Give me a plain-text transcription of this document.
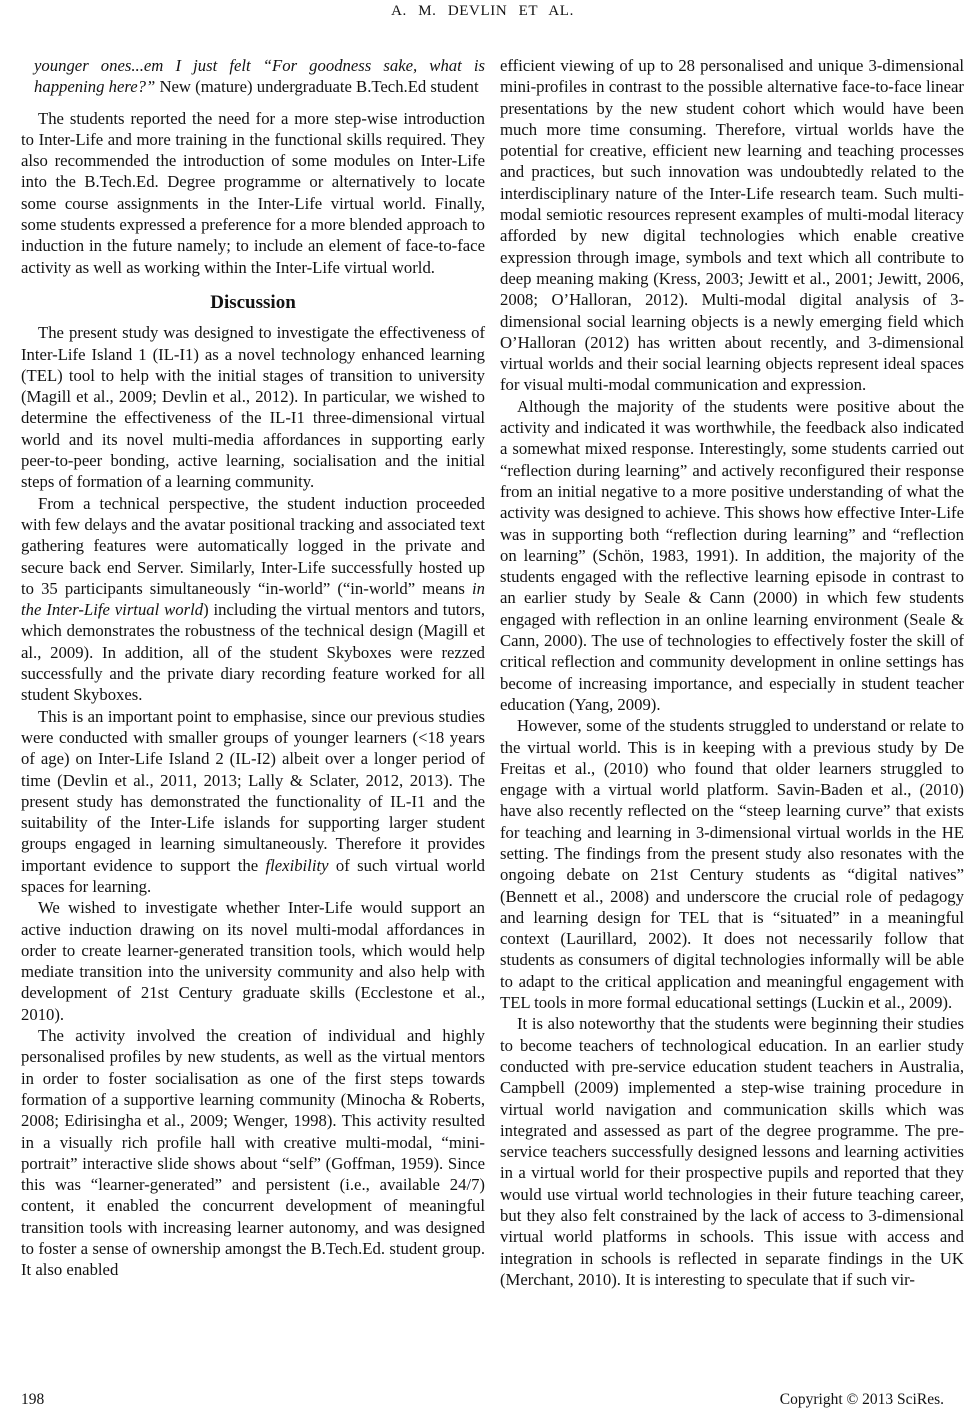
A. M. DEVLIN ET AL.

younger ones...em I just felt “For goodness sake, what is happening here?” New (mature) undergraduate B.Tech.Ed student

The students reported the need for a more step-wise introduction to Inter-Life and more training in the functional skills required. They also recommended the introduction of some modules on Inter-Life into the B.Tech.Ed. Degree programme or alternatively to locate some course assignments in the Inter-Life virtual world. Finally, some students expressed a preference for a more blended approach to induction in the future namely; to include an element of face-to-face activity as well as working within the Inter-Life virtual world.

Discussion

The present study was designed to investigate the effectiveness of Inter-Life Island 1 (IL-I1) as a novel technology enhanced learning (TEL) tool to help with the initial stages of transition to university (Magill et al., 2009; Devlin et al., 2012). In particular, we wished to determine the effectiveness of the IL-I1 three-dimensional virtual world and its novel multi-media affordances in supporting early peer-to-peer bonding, active learning, socialisation and the initial steps of formation of a learning community.

From a technical perspective, the student induction proceeded with few delays and the avatar positional tracking and associated text gathering features were automatically logged in the private and secure back end Server. Similarly, Inter-Life successfully hosted up to 35 participants simultaneously “in-world” (“in-world” means in the Inter-Life virtual world) including the virtual mentors and tutors, which demonstrates the robustness of the technical design (Magill et al., 2009). In addition, all of the student Skyboxes were rezzed successfully and the private diary recording feature worked for all student Skyboxes.

This is an important point to emphasise, since our previous studies were conducted with smaller groups of younger learners (<18 years of age) on Inter-Life Island 2 (IL-I2) albeit over a longer period of time (Devlin et al., 2011, 2013; Lally & Sclater, 2012, 2013). The present study has demonstrated the functionality of IL-I1 and the suitability of the Inter-Life islands for supporting larger student groups engaged in learning simultaneously. Therefore it provides important evidence to support the flexibility of such virtual world spaces for learning.

We wished to investigate whether Inter-Life would support an active induction drawing on its novel multi-modal affordances in order to create learner-generated transition tools, which would help mediate transition into the university community and also help with development of 21st Century graduate skills (Ecclestone et al., 2010).

The activity involved the creation of individual and highly personalised profiles by new students, as well as the virtual mentors in order to foster socialisation as one of the first steps towards formation of a supportive learning community (Minocha & Roberts, 2008; Edirisingha et al., 2009; Wenger, 1998). This activity resulted in a visually rich profile hall with creative multi-modal, “mini-portrait” interactive slide shows about “self” (Goffman, 1959). Since this was “learner-generated” and persistent (i.e., available 24/7) content, it enabled the concurrent development of meaningful transition tools with increasing learner autonomy, and was designed to foster a sense of ownership amongst the B.Tech.Ed. student group. It also enabled

efficient viewing of up to 28 personalised and unique 3-dimensional mini-profiles in contrast to the possible alternative face-to-face linear presentations by the new student cohort which would have been much more time consuming. Therefore, virtual worlds have the potential for creative, efficient new learning and teaching processes and practices, but such innovation was undoubtedly related to the interdisciplinary nature of the Inter-Life research team. Such multi-modal semiotic resources represent examples of multi-modal literacy afforded by new digital technologies which enable creative expression through image, symbols and text which all contribute to deep meaning making (Kress, 2003; Jewitt et al., 2001; Jewitt, 2006, 2008; O’Halloran, 2012). Multi-modal digital analysis of 3-dimensional social learning objects is a newly emerging field which O’Halloran (2012) has written about recently, and 3-dimensional virtual worlds and their social learning objects represent ideal spaces for visual multi-modal communication and expression.

Although the majority of the students were positive about the activity and indicated it was worthwhile, the feedback also indicated a somewhat mixed response. Interestingly, some students carried out “reflection during learning” and actively reconfigured their response from an initial negative to a more positive understanding of what the activity was designed to achieve. This shows how effective Inter-Life was in supporting both “reflection during learning” and “reflection on learning” (Schön, 1983, 1991). In addition, the majority of the students engaged with the reflective learning episode in contrast to an earlier study by Seale & Cann (2000) in which few students engaged with reflection in an online learning environment (Seale & Cann, 2000). The use of technologies to effectively foster the skill of critical reflection and community development in online settings has become of increasing importance, and especially in student teacher education (Yang, 2009).

However, some of the students struggled to understand or relate to the virtual world. This is in keeping with a previous study by De Freitas et al., (2010) who found that older learners struggled to engage with a virtual world platform. Savin-Baden et al., (2010) have also recently reflected on the “steep learning curve” that exists for teaching and learning in 3-dimensional virtual worlds in the HE setting. The findings from the present study also resonates with the ongoing debate on 21st Century students as “digital natives” (Bennett et al., 2008) and underscore the crucial role of pedagogy and learning design for TEL that is “situated” in a meaningful context (Laurillard, 2002). It does not necessarily follow that students as consumers of digital technologies informally will be able to adapt to the critical application and meaningful engagement with TEL tools in more formal educational settings (Luckin et al., 2009).

It is also noteworthy that the students were beginning their studies to become teachers of technological education. In an earlier study conducted with pre-service education student teachers in Australia, Campbell (2009) implemented a step-wise training procedure in virtual world navigation and communication skills which was integrated and assessed as part of the degree programme. The pre-service teachers successfully designed lessons and learning activities in a virtual world for their prospective pupils and reported that they would use virtual world technologies in their future teaching career, but they also felt constrained by the lack of access to 3-dimensional virtual world platforms in schools. This issue with access and integration in schools is reflected in separate findings in the UK (Merchant, 2010). It is interesting to speculate that if such vir-

198	Copyright © 2013 SciRes.
